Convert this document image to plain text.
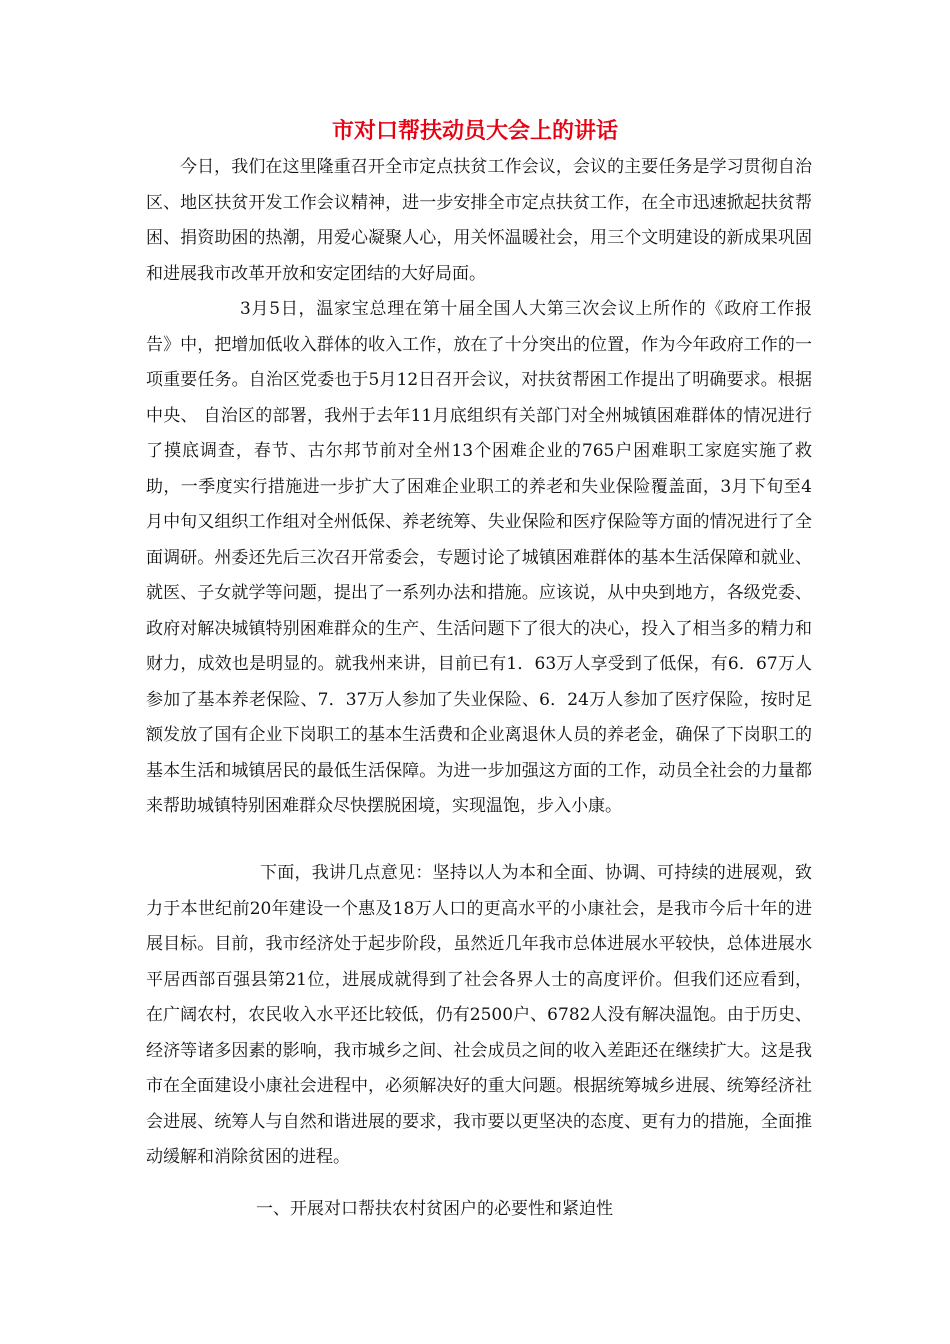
市对口帮扶动员大会上的讲话

今日，我们在这里隆重召开全市定点扶贫工作会议，会议的主要任务是学习贯彻自治区、地区扶贫开发工作会议精神，进一步安排全市定点扶贫工作，在全市迅速掀起扶贫帮困、捐资助困的热潮，用爱心凝聚人心，用关怀温暖社会，用三个文明建设的新成果巩固和进展我市改革开放和安定团结的大好局面。

3月5日，温家宝总理在第十届全国人大第三次会议上所作的《政府工作报告》中，把增加低收入群体的收入工作，放在了十分突出的位置，作为今年政府工作的一项重要任务。自治区党委也于5月12日召开会议，对扶贫帮困工作提出了明确要求。根据中央、 自治区的部署，我州于去年11月底组织有关部门对全州城镇困难群体的情况进行了摸底调查，春节、古尔邦节前对全州13个困难企业的765户困难职工家庭实施了救助，一季度实行措施进一步扩大了困难企业职工的养老和失业保险覆盖面，3月下旬至4月中旬又组织工作组对全州低保、养老统筹、失业保险和医疗保险等方面的情况进行了全面调研。州委还先后三次召开常委会，专题讨论了城镇困难群体的基本生活保障和就业、就医、子女就学等问题，提出了一系列办法和措施。应该说，从中央到地方，各级党委、政府对解决城镇特别困难群众的生产、生活问题下了很大的决心，投入了相当多的精力和财力，成效也是明显的。就我州来讲，目前已有1．63万人享受到了低保，有6．67万人参加了基本养老保险、7．37万人参加了失业保险、6．24万人参加了医疗保险，按时足额发放了国有企业下岗职工的基本生活费和企业离退休人员的养老金，确保了下岗职工的基本生活和城镇居民的最低生活保障。为进一步加强这方面的工作，动员全社会的力量都来帮助城镇特别困难群众尽快摆脱困境，实现温饱，步入小康。

下面，我讲几点意见：坚持以人为本和全面、协调、可持续的进展观，致力于本世纪前20年建设一个惠及18万人口的更高水平的小康社会，是我市今后十年的进展目标。目前，我市经济处于起步阶段，虽然近几年我市总体进展水平较快，总体进展水平居西部百强县第21位，进展成就得到了社会各界人士的高度评价。但我们还应看到，在广阔农村，农民收入水平还比较低，仍有2500户、6782人没有解决温饱。由于历史、经济等诸多因素的影响，我市城乡之间、社会成员之间的收入差距还在继续扩大。这是我市在全面建设小康社会进程中，必须解决好的重大问题。根据统筹城乡进展、统筹经济社会进展、统筹人与自然和谐进展的要求，我市要以更坚决的态度、更有力的措施，全面推动缓解和消除贫困的进程。

一、开展对口帮扶农村贫困户的必要性和紧迫性
